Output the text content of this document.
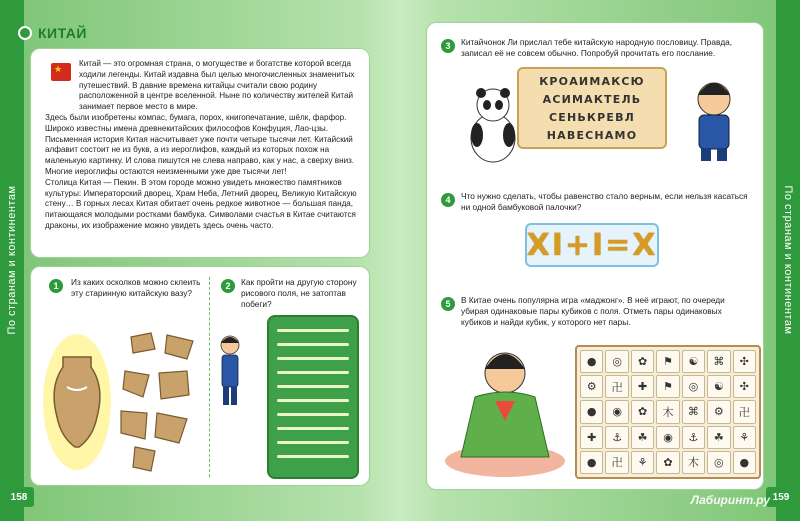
По странам и континентам	По странам и континентам
КИТАЙ
★

Китай — это огромная страна, о могуществе и богатстве которой всегда ходили легенды. Китай издавна был целью многочисленных знаменитых путешествий. В давние времена китайцы считали свою родину расположенной в центре вселенной. Ныне по количеству жителей Китай занимает первое место в мире.

Здесь были изобретены компас, бумага, порох, книгопечатание, шёлк, фарфор. Широко известны имена древнекитайских философов Конфуция, Лао-цзы. Письменная история Китая насчитывает уже почти четыре тысячи лет. Китайский алфавит состоит не из букв, а из иероглифов, каждый из которых похож на маленькую картинку. И слова пишутся не слева направо, как у нас, а сверху вниз. Многие иероглифы остаются неизменными уже две тысячи лет!

Столица Китая — Пекин. В этом городе можно увидеть множество памятников культуры: Императорский дворец, Храм Неба, Летний дворец, Великую Китайскую стену… В горных лесах Китая обитает очень редкое животное — большая панда, питающаяся молодыми ростками бамбука. Символами счастья в Китае считаются драконы, их изображение можно увидеть здесь очень часто.

1	Из каких осколков можно склеить эту старинную китайскую вазу?
2	Как пройти на другую сторону рисового поля, не затоптав побеги?
158
3	Китайчонок Ли прислал тебе китайскую народную пословицу. Правда, записал её не совсем обычно. Попробуй прочитать его послание.
КРОАИМАКСЮ
АСИМАКТЕЛЬ
СЕНЬКРЕВЛ
НАВЕСНАМО
4	Что нужно сделать, чтобы равенство стало верным, если нельзя касаться ни одной бамбуковой палочки?
XI+I=X
5	В Китае очень популярна игра «маджонг». В неё играют, по очереди убирая одинаковые пары кубиков с поля. Отметь пары одинаковых кубиков и найди кубик, у которого нет пары.
●	◎	✿	⚑	☯	⌘	✣
⚙	卍	✚	⚑	◎	☯	✣
●	◉	✿	木	⌘	⚙	卍
✚	⚓	☘	◉	⚓	☘	⚘
●	卍	⚘	✿	木	◎	●
159
Лабиринт.ру
